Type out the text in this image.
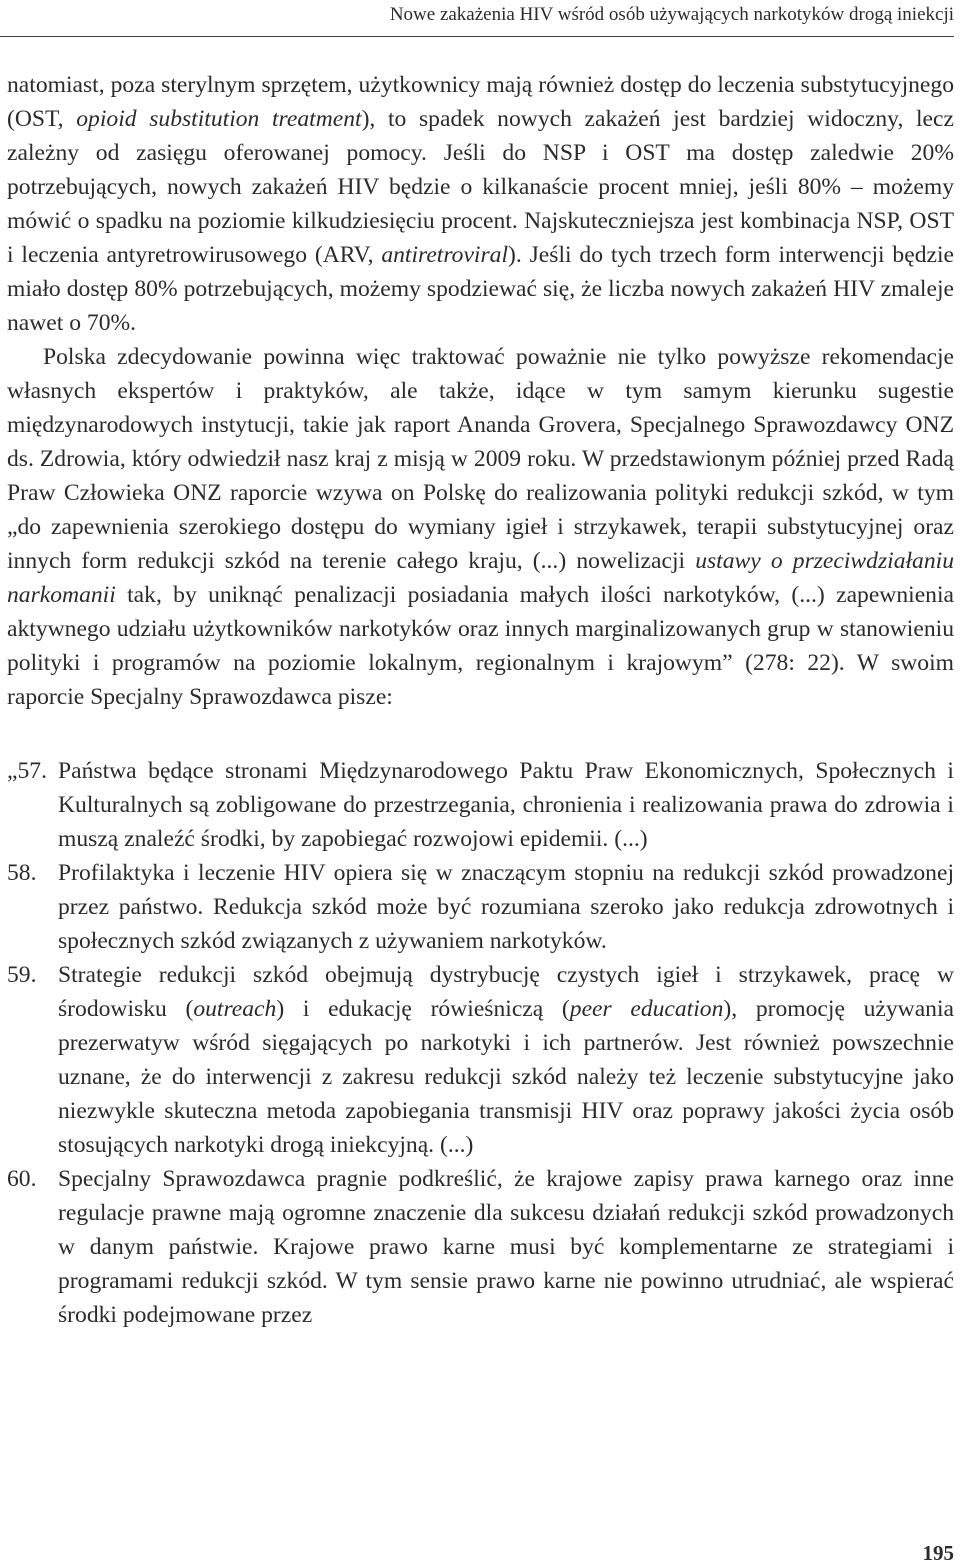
Nowe zakażenia HIV wśród osób używających narkotyków drogą iniekcji

natomiast, poza sterylnym sprzętem, użytkownicy mają również dostęp do leczenia substytucyjnego (OST, opioid substitution treatment), to spadek nowych zakażeń jest bardziej widoczny, lecz zależny od zasięgu oferowanej pomocy. Jeśli do NSP i OST ma dostęp zaledwie 20% potrzebujących, nowych zakażeń HIV będzie o kilkanaście procent mniej, jeśli 80% – możemy mówić o spadku na poziomie kilkudziesięciu procent. Najskuteczniejsza jest kombinacja NSP, OST i leczenia antyretrowirusowego (ARV, antiretroviral). Jeśli do tych trzech form interwencji będzie miało dostęp 80% potrzebujących, możemy spodziewać się, że liczba nowych zakażeń HIV zmaleje nawet o 70%.

Polska zdecydowanie powinna więc traktować poważnie nie tylko powyższe rekomendacje własnych ekspertów i praktyków, ale także, idące w tym samym kierunku sugestie międzynarodowych instytucji, takie jak raport Ananda Grovera, Specjalnego Sprawozdawcy ONZ ds. Zdrowia, który odwiedził nasz kraj z misją w 2009 roku. W przedstawionym później przed Radą Praw Człowieka ONZ raporcie wzywa on Polskę do realizowania polityki redukcji szkód, w tym „do zapewnienia szerokiego dostępu do wymiany igieł i strzykawek, terapii substytucyjnej oraz innych form redukcji szkód na terenie całego kraju, (...) nowelizacji ustawy o przeciwdziałaniu narkomanii tak, by uniknąć penalizacji posiadania małych ilości narkotyków, (...) zapewnienia aktywnego udziału użytkowników narkotyków oraz innych marginalizowanych grup w stanowieniu polityki i programów na poziomie lokalnym, regionalnym i krajowym” (278: 22). W swoim raporcie Specjalny Sprawozdawca pisze:

„57. Państwa będące stronami Międzynarodowego Paktu Praw Ekonomicznych, Społecznych i Kulturalnych są zobligowane do przestrzegania, chronienia i realizowania prawa do zdrowia i muszą znaleźć środki, by zapobiegać rozwojowi epidemii. (...)
58. Profilaktyka i leczenie HIV opiera się w znaczącym stopniu na redukcji szkód prowadzonej przez państwo. Redukcja szkód może być rozumiana szeroko jako redukcja zdrowotnych i społecznych szkód związanych z używaniem narkotyków.
59. Strategie redukcji szkód obejmują dystrybucję czystych igieł i strzykawek, pracę w środowisku (outreach) i edukację rówieśniczą (peer education), promocję używania prezerwatyw wśród sięgających po narkotyki i ich partnerów. Jest również powszechnie uznane, że do interwencji z zakresu redukcji szkód należy też leczenie substytucyjne jako niezwykle skuteczna metoda zapobiegania transmisji HIV oraz poprawy jakości życia osób stosujących narkotyki drogą iniekcyjną. (...)
60. Specjalny Sprawozdawca pragnie podkreślić, że krajowe zapisy prawa karnego oraz inne regulacje prawne mają ogromne znaczenie dla sukcesu działań redukcji szkód prowadzonych w danym państwie. Krajowe prawo karne musi być komplementarne ze strategiami i programami redukcji szkód. W tym sensie prawo karne nie powinno utrudniać, ale wspierać środki podejmowane przez
195
